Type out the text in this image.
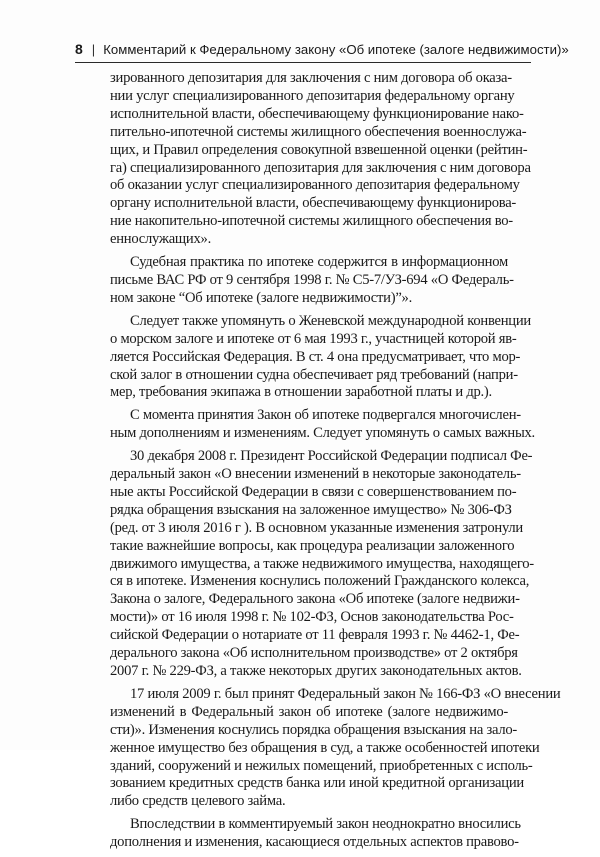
8 | Комментарий к Федеральному закону «Об ипотеке (залоге недвижимости)»

зированного депозитария для заключения с ним договора об оказа-
нии услуг специализированного депозитария федеральному органу
исполнительной власти, обеспечивающему функционирование нако-
пительно-ипотечной системы жилищного обеспечения военнослужа-
щих, и Правил определения совокупной взвешенной оценки (рейтин-
га) специализированного депозитария для заключения с ним договора
об оказании услуг специализированного депозитария федеральному
органу исполнительной власти, обеспечивающему функционирова-
ние накопительно-ипотечной системы жилищного обеспечения во-
еннослужащих».

Судебная практика по ипотеке содержится в информационном
письме ВАС РФ от 9 сентября 1998 г. № С5-7/УЗ-694 «О Федераль-
ном законе “Об ипотеке (залоге недвижимости)”».

Следует также упомянуть о Женевской международной конвенции
о морском залоге и ипотеке от 6 мая 1993 г., участницей которой яв-
ляется Российская Федерация. В ст. 4 она предусматривает, что мор-
ской залог в отношении судна обеспечивает ряд требований (напри-
мер, требования экипажа в отношении заработной платы и др.).

С момента принятия Закон об ипотеке подвергался многочислен-
ным дополнениям и изменениям. Следует упомянуть о самых важных.

30 декабря 2008 г. Президент Российской Федерации подписал Фе-
деральный закон «О внесении изменений в некоторые законодатель-
ные акты Российской Федерации в связи с совершенствованием по-
рядка обращения взыскания на заложенное имущество» № 306-ФЗ
(ред. от 3 июля 2016 г ). В основном указанные изменения затронули
такие важнейшие вопросы, как процедура реализации заложенного
движимого имущества, а также недвижимого имущества, находящего-
ся в ипотеке. Изменения коснулись положений Гражданского колекса,
Закона о залоге, Федерального закона «Об ипотеке (залоге недвижи-
мости)» от 16 июля 1998 г. № 102-ФЗ, Основ законодательства Рос-
сийской Федерации о нотариате от 11 февраля 1993 г. № 4462-1, Фе-
дерального закона «Об исполнительном производстве» от 2 октября
2007 г. № 229-ФЗ, а также некоторых других законодательных актов.

17 июля 2009 г. был принят Федеральный закон № 166-ФЗ «О внесении
изменений в Федеральный закон об ипотеке (залоге недвижимо-
сти)». Изменения коснулись порядка обращения взыскания на зало-
женное имущество без обращения в суд, а также особенностей ипотеки
зданий, сооружений и нежилых помещений, приобретенных с исполь-
зованием кредитных средств банка или иной кредитной организации
либо средств целевого займа.

Впоследствии в комментируемый закон неоднократно вносились
дополнения и изменения, касающиеся отдельных аспектов правово-
